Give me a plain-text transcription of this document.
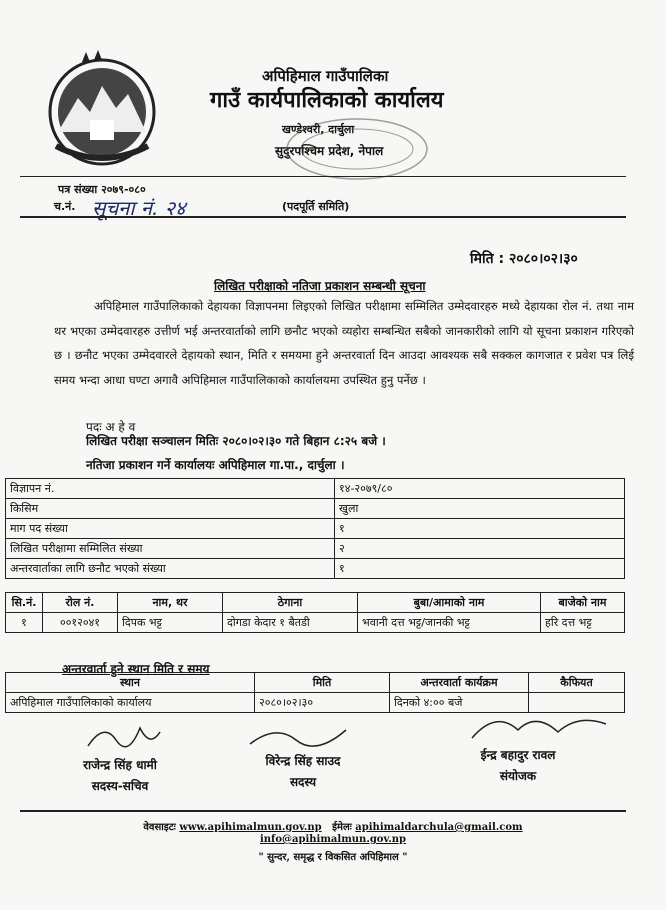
अपिहिमाल गाउँपालिका
गाउँ कार्यपालिकाको कार्यालय
खण्डेश्वरी, दार्चुला
सुदुरपश्चिम प्रदेश, नेपाल
पत्र संख्या २०७९-०८०
च.नं. सूचना नं. २४	(पदपूर्ति समिति)
मिति : २०८०।०२।३०
लिखित परीक्षाको नतिजा प्रकाशन सम्बन्धी सूचना
अपिहिमाल गाउँपालिकाको देहायका विज्ञापनमा लिइएको लिखित परीक्षामा सम्मिलित उम्मेदवारहरु मध्ये देहायका रोल नं. तथा नाम थर भएका उम्मेदवारहरु उत्तीर्ण भई अन्तरवार्ताको लागि छनौट भएको व्यहोरा सम्बन्धित सबैको जानकारीको लागि यो सूचना प्रकाशन गरिएको छ । छनौट भएका उम्मेदवारले देहायको स्थान, मिति र समयमा हुने अन्तरवार्ता दिन आउदा आवश्यक सबै सक्कल कागजात र प्रवेश पत्र लिई समय भन्दा आधा घण्टा अगावै अपिहिमाल गाउँपालिकाको कार्यालयमा उपस्थित हुनु पर्नेछ ।
पदः अ हे व
लिखित परीक्षा सञ्चालन मितिः २०८०।०२।३० गते बिहान ८:२५ बजे ।
नतिजा प्रकाशन गर्ने कार्यालयः अपिहिमाल गा.पा., दार्चुला ।
विज्ञापन नं.	१४-२०७९/८०
किसिम	खुला
माग पद संख्या	१
लिखित परीक्षामा सम्मिलित संख्या	२
अन्तरवार्ताका लागि छनौट भएको संख्या	१
सि.नं.	रोल नं.	नाम, थर	ठेगाना	बुबा/आमाको नाम	बाजेको नाम
१	००१२०४१	दिपक भट्ट	दोगडा केदार १ बैतडी	भवानी दत्त भट्ट/जानकी भट्ट	हरि दत्त भट्ट
अन्तरवार्ता हुने स्थान मिति र समय
स्थान	मिति	अन्तरवार्ता कार्यक्रम	कैफियत
अपिहिमाल गाउँपालिकाको कार्यालय	२०८०।०२।३०	दिनको ४:०० बजे	
राजेन्द्र सिंह धामी
सदस्य-सचिव
विरेन्द्र सिंह साउद
सदस्य
ईन्द्र बहादुर रावल
संयोजक
वेवसाइटः www.apihimalmun.gov.np ईमेलः apihimaldarchula@gmail.com
info@apihimalmun.gov.np
" सुन्दर, समृद्ध र विकसित अपिहिमाल "
